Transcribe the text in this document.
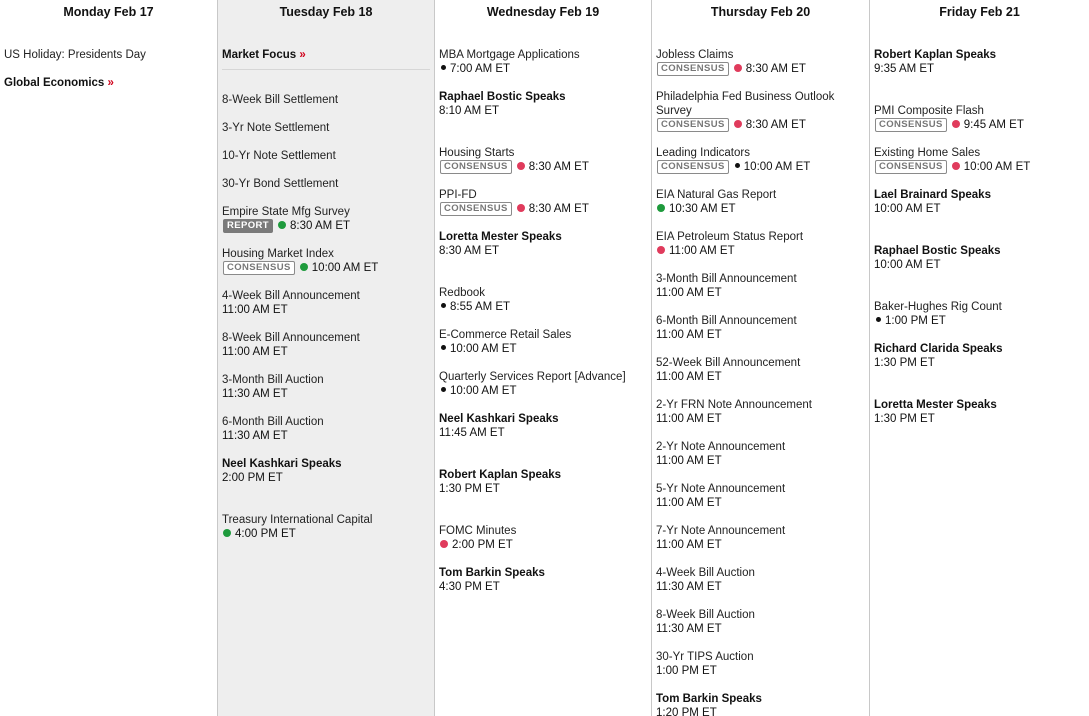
Monday Feb 17
US Holiday: Presidents Day
Global Economics »
Tuesday Feb 18
Market Focus »
8-Week Bill Settlement
3-Yr Note Settlement
10-Yr Note Settlement
30-Yr Bond Settlement
Empire State Mfg Survey
REPORT 8:30 AM ET
Housing Market Index
CONSENSUS 10:00 AM ET
4-Week Bill Announcement
11:00 AM ET
8-Week Bill Announcement
11:00 AM ET
3-Month Bill Auction
11:30 AM ET
6-Month Bill Auction
11:30 AM ET
Neel Kashkari Speaks
2:00 PM ET
Treasury International Capital
4:00 PM ET
Wednesday Feb 19
MBA Mortgage Applications
7:00 AM ET
Raphael Bostic Speaks
8:10 AM ET
Housing Starts
CONSENSUS 8:30 AM ET
PPI-FD
CONSENSUS 8:30 AM ET
Loretta Mester Speaks
8:30 AM ET
Redbook
8:55 AM ET
E-Commerce Retail Sales
10:00 AM ET
Quarterly Services Report [Advance]
10:00 AM ET
Neel Kashkari Speaks
11:45 AM ET
Robert Kaplan Speaks
1:30 PM ET
FOMC Minutes
2:00 PM ET
Tom Barkin Speaks
4:30 PM ET
Thursday Feb 20
Jobless Claims
CONSENSUS 8:30 AM ET
Philadelphia Fed Business Outlook
Survey
CONSENSUS 8:30 AM ET
Leading Indicators
CONSENSUS 10:00 AM ET
EIA Natural Gas Report
10:30 AM ET
EIA Petroleum Status Report
11:00 AM ET
3-Month Bill Announcement
11:00 AM ET
6-Month Bill Announcement
11:00 AM ET
52-Week Bill Announcement
11:00 AM ET
2-Yr FRN Note Announcement
11:00 AM ET
2-Yr Note Announcement
11:00 AM ET
5-Yr Note Announcement
11:00 AM ET
7-Yr Note Announcement
11:00 AM ET
4-Week Bill Auction
11:30 AM ET
8-Week Bill Auction
11:30 AM ET
30-Yr TIPS Auction
1:00 PM ET
Tom Barkin Speaks
1:20 PM ET
Friday Feb 21
Robert Kaplan Speaks
9:35 AM ET
PMI Composite Flash
CONSENSUS 9:45 AM ET
Existing Home Sales
CONSENSUS 10:00 AM ET
Lael Brainard Speaks
10:00 AM ET
Raphael Bostic Speaks
10:00 AM ET
Baker-Hughes Rig Count
1:00 PM ET
Richard Clarida Speaks
1:30 PM ET
Loretta Mester Speaks
1:30 PM ET
